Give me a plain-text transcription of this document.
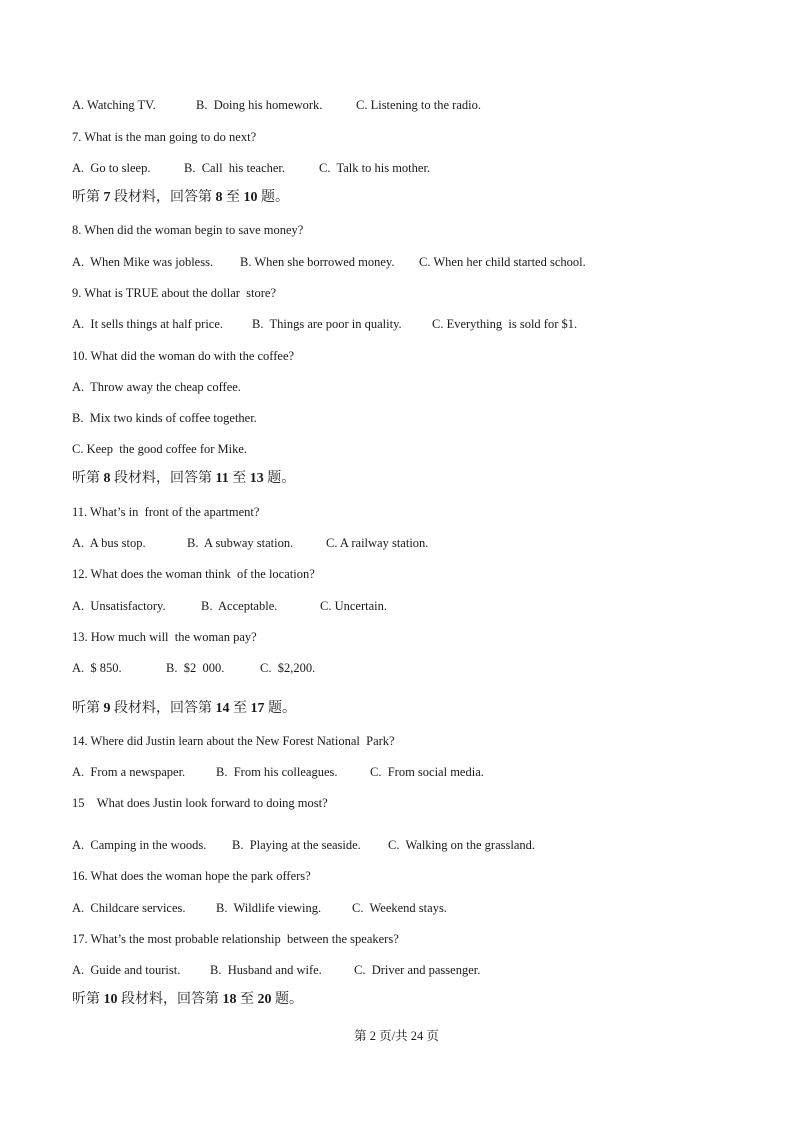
A. Watching TV.	B.  Doing his homework.	C. Listening to the radio.
7. What is the man going to do next?
A.  Go to sleep.	B.  Call  his teacher.	C.  Talk to his mother.
听第 7 段材料，回答第 8 至 10 题。
8. When did the woman begin to save money?
A.  When Mike was jobless. B. When she borrowed money. C. When her child started school.
9. What is TRUE about the dollar  store?
A.  It sells things at half price. B.  Things are poor in quality. C. Everything  is sold for $1.
10. What did the woman do with the coffee?
A.  Throw away the cheap coffee.
B.  Mix two kinds of coffee together.
C. Keep  the good coffee for Mike.
听第 8 段材料，回答第 11 至 13 题。
11. What’s in  front of the apartment?
A.  A bus stop.	B.  A subway station.	C. A railway station.
12. What does the woman think  of the location?
A.  Unsatisfactory.	B.  Acceptable.	C. Uncertain.
13. How much will  the woman pay?
A.  $ 850.	B.  $2  000.	C.  $2,200.
听第 9 段材料，回答第 14 至 17 题。
14. Where did Justin learn about the New Forest National  Park?
A.  From a newspaper. B.  From his colleagues.	C.  From social media.
15    What does Justin look forward to doing most?
A.  Camping in the woods. B.  Playing at the seaside. C.  Walking on the grassland.
16. What does the woman hope the park offers?
A.  Childcare services. B.  Wildlife viewing. C.  Weekend stays.
17. What’s the most probable relationship  between the speakers?
A.  Guide and tourist. B.  Husband and wife.	C.  Driver and passenger.
听第 10 段材料，回答第 18 至 20 题。
第 2 页/共 24 页
